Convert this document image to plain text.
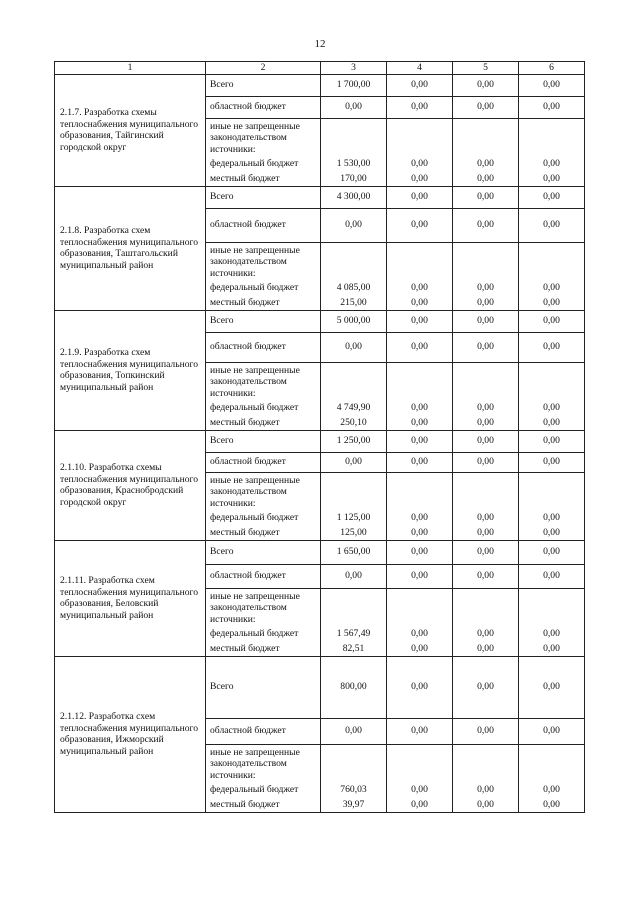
12
1	2	3	4	5	6
2.1.7. Разработка схемы теплоснабжения муниципального образования, Тайгинский городской округ	Всего	1 700,00	0,00	0,00	0,00
	областной бюджет	0,00	0,00	0,00	0,00
	иные не запрещенные законодательством источники:				
	федеральный бюджет	1 530,00	0,00	0,00	0,00
	местный бюджет	170,00	0,00	0,00	0,00
2.1.8. Разработка схем теплоснабжения муниципального образования, Таштагольский муниципальный район	Всего	4 300,00	0,00	0,00	0,00
	областной бюджет	0,00	0,00	0,00	0,00
	иные не запрещенные законодательством источники:				
	федеральный бюджет	4 085,00	0,00	0,00	0,00
	местный бюджет	215,00	0,00	0,00	0,00
2.1.9. Разработка схем теплоснабжения муниципального образования, Топкинский муниципальный район	Всего	5 000,00	0,00	0,00	0,00
	областной бюджет	0,00	0,00	0,00	0,00
	иные не запрещенные законодательством источники:				
	федеральный бюджет	4 749,90	0,00	0,00	0,00
	местный бюджет	250,10	0,00	0,00	0,00
2.1.10. Разработка схемы теплоснабжения муниципального образования, Краснобродский городской округ	Всего	1 250,00	0,00	0,00	0,00
	областной бюджет	0,00	0,00	0,00	0,00
	иные не запрещенные законодательством источники:				
	федеральный бюджет	1 125,00	0,00	0,00	0,00
	местный бюджет	125,00	0,00	0,00	0,00
2.1.11. Разработка схем теплоснабжения муниципального образования, Беловский муниципальный район	Всего	1 650,00	0,00	0,00	0,00
	областной бюджет	0,00	0,00	0,00	0,00
	иные не запрещенные законодательством источники:				
	федеральный бюджет	1 567,49	0,00	0,00	0,00
	местный бюджет	82,51	0,00	0,00	0,00
2.1.12. Разработка схем теплоснабжения муниципального образования, Ижморский муниципальный район	Всего	800,00	0,00	0,00	0,00
	областной бюджет	0,00	0,00	0,00	0,00
	иные не запрещенные законодательством источники:				
	федеральный бюджет	760,03	0,00	0,00	0,00
	местный бюджет	39,97	0,00	0,00	0,00
